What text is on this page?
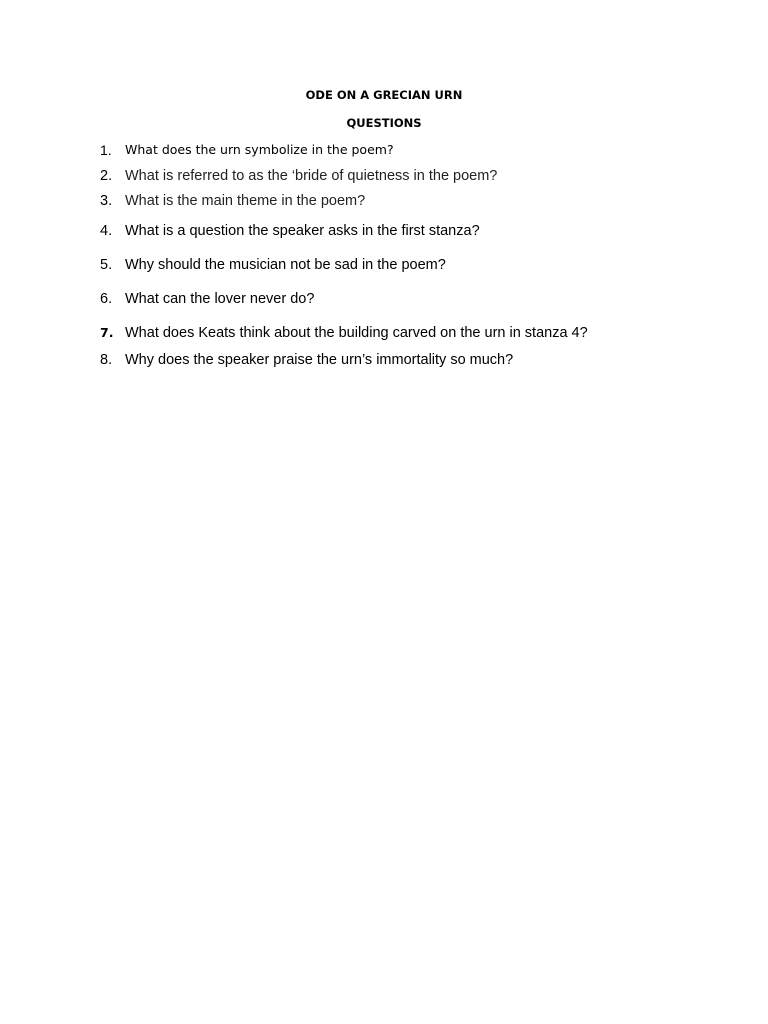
ODE ON A GRECIAN URN
QUESTIONS
1.	What does the urn symbolize in the poem?
2. What is referred to as the ‘bride of quietness in the poem?
3. What is the main theme in the poem?
4. What is a question the speaker asks in the first stanza?
5. Why should the musician not be sad in the poem?
6. What can the lover never do?
7. What does Keats think about the building carved on the urn in stanza 4?
8. Why does the speaker praise the urn’s immortality so much?
